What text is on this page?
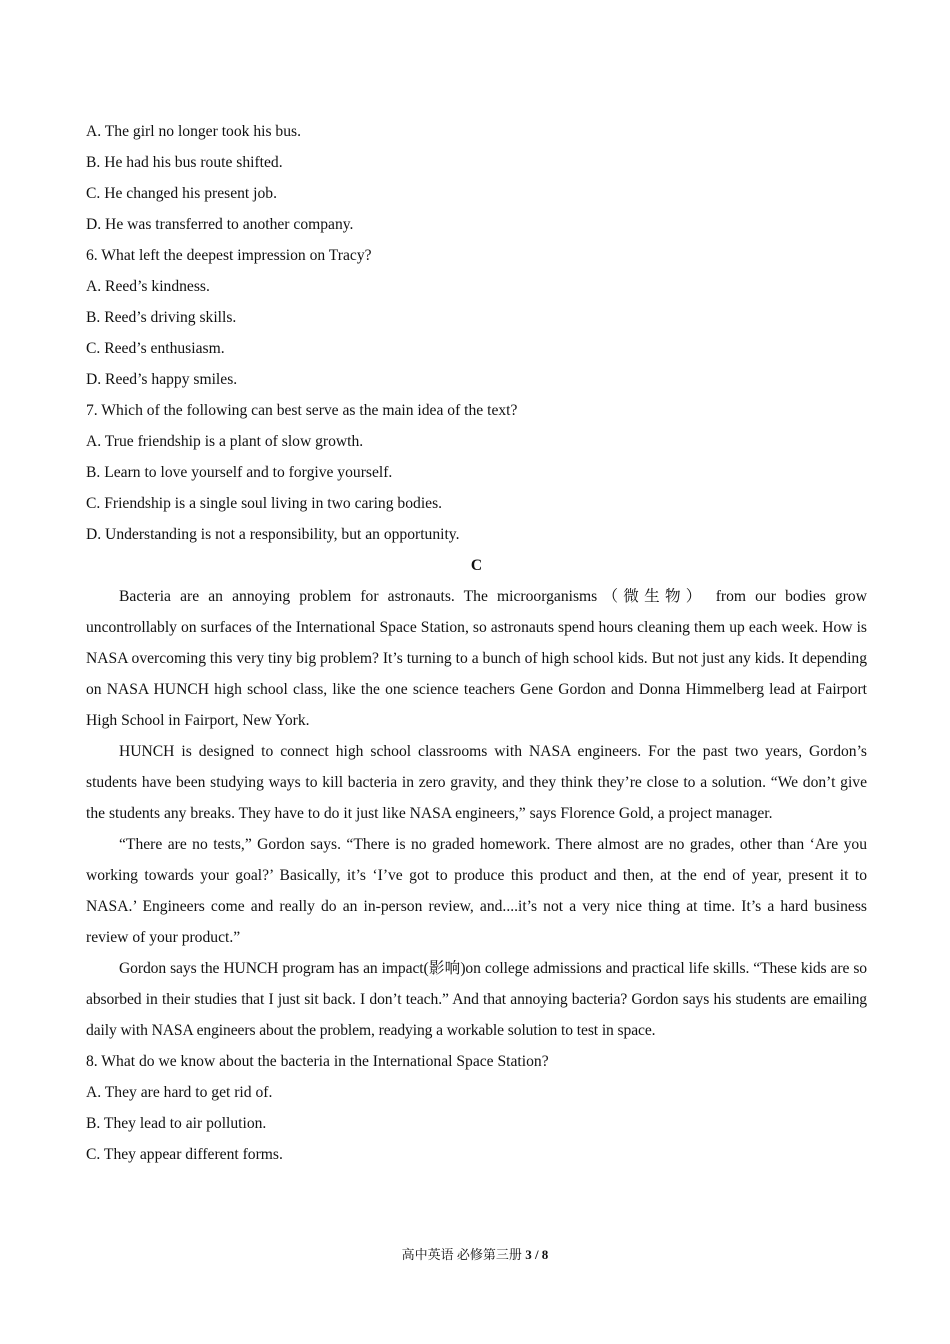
A. The girl no longer took his bus.
B. He had his bus route shifted.
C. He changed his present job.
D. He was transferred to another company.
6. What left the deepest impression on Tracy?
A. Reed’s kindness.
B. Reed’s driving skills.
C. Reed’s enthusiasm.
D. Reed’s happy smiles.
7. Which of the following can best serve as the main idea of the text?
A. True friendship is a plant of slow growth.
B. Learn to love yourself and to forgive yourself.
C. Friendship is a single soul living in two caring bodies.
D. Understanding is not a responsibility, but an opportunity.
C

Bacteria are an annoying problem for astronauts. The microorganisms（微生物） from our bodies grow uncontrollably on surfaces of the International Space Station, so astronauts spend hours cleaning them up each week. How is NASA overcoming this very tiny big problem? It’s turning to a bunch of high school kids. But not just any kids. It depending on NASA HUNCH high school class, like the one science teachers Gene Gordon and Donna Himmelberg lead at Fairport High School in Fairport, New York.

HUNCH is designed to connect high school classrooms with NASA engineers. For the past two years, Gordon’s students have been studying ways to kill bacteria in zero gravity, and they think they’re close to a solution. “We don’t give the students any breaks. They have to do it just like NASA engineers,” says Florence Gold, a project manager.

“There are no tests,” Gordon says. “There is no graded homework. There almost are no grades, other than ‘Are you working towards your goal?’ Basically, it’s ‘I’ve got to produce this product and then, at the end of year, present it to NASA.’ Engineers come and really do an in-person review, and....it’s not a very nice thing at time. It’s a hard business review of your product.”

Gordon says the HUNCH program has an impact(影响)on college admissions and practical life skills. “These kids are so absorbed in their studies that I just sit back. I don’t teach.” And that annoying bacteria? Gordon says his students are emailing daily with NASA engineers about the problem, readying a workable solution to test in space.

8. What do we know about the bacteria in the International Space Station?
A. They are hard to get rid of.
B. They lead to air pollution.
C. They appear different forms.
高中英语 必修第三册 3 / 8
